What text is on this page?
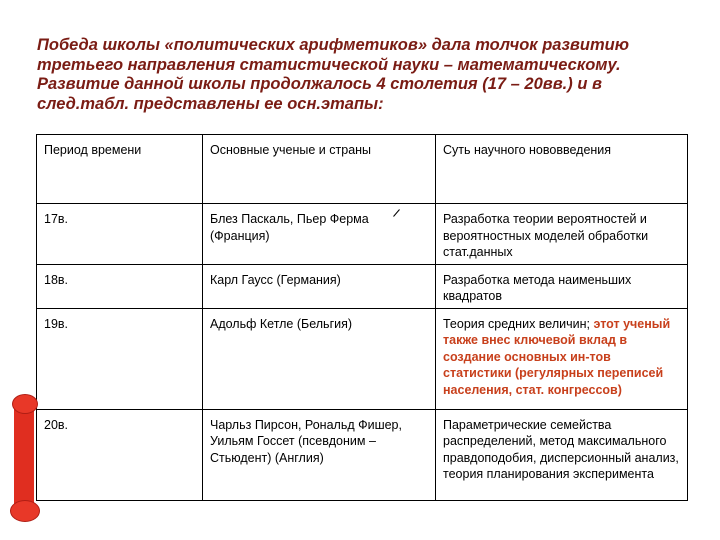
Победа школы «политических арифметиков» дала толчок развитию третьего направления статистической науки – математическому. Развитие данной школы продолжалось 4 столетия (17 – 20вв.) и в след.табл. представлены ее осн.этапы:

Период времени	Основные ученые и страны	Суть научного нововведения
17в.	Блез Паскаль, Пьер Ферма (Франция)	Разработка теории вероятностей и вероятностных моделей обработки стат.данных
18в.	Карл Гаусс (Германия)	Разработка метода наименьших квадратов
19в.	Адольф Кетле (Бельгия)	Теория средних величин; этот ученый также внес ключевой вклад в создание основных ин-тов статистики (регулярных переписей населения, стат. конгрессов)
20в.	Чарльз Пирсон, Рональд Фишер, Уильям Госсет (псевдоним – Стьюдент) (Англия)	Параметрические семейства распределений, метод максимального правдоподобия, дисперсионный анализ, теория планирования эксперимента
